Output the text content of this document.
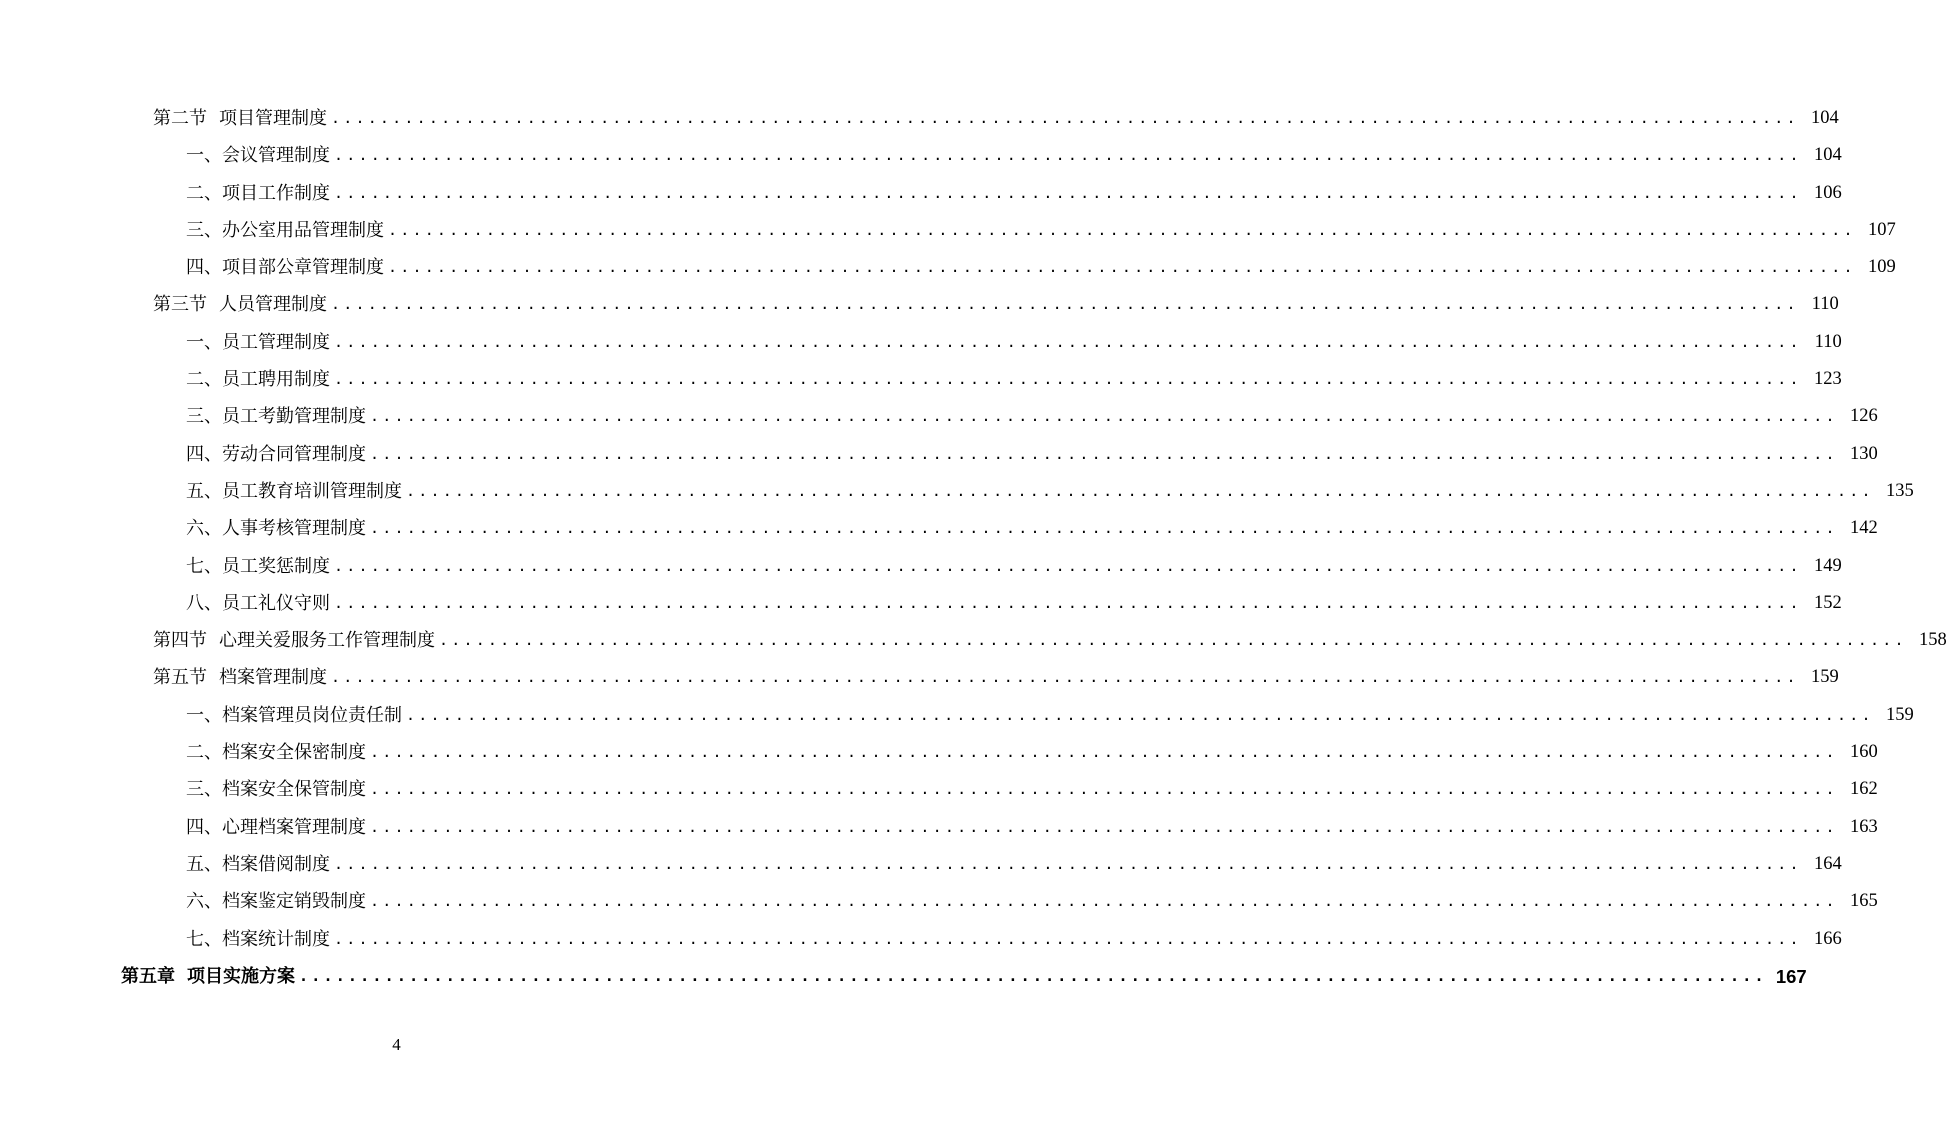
第二节 项目管理制度 ........................................................................................................................ 104
一、会议管理制度 ........................................................................................................................ 104
二、项目工作制度 ........................................................................................................................ 106
三、办公室用品管理制度 ........................................................................................................................ 107
四、项目部公章管理制度 ........................................................................................................................ 109
第三节 人员管理制度 ........................................................................................................................ 110
一、员工管理制度 ........................................................................................................................ 110
二、员工聘用制度 ........................................................................................................................ 123
三、员工考勤管理制度 ........................................................................................................................ 126
四、劳动合同管理制度 ........................................................................................................................ 130
五、员工教育培训管理制度 ........................................................................................................................ 135
六、人事考核管理制度 ........................................................................................................................ 142
七、员工奖惩制度 ........................................................................................................................ 149
八、员工礼仪守则 ........................................................................................................................ 152
第四节 心理关爱服务工作管理制度 ........................................................................................................................ 158
第五节 档案管理制度 ........................................................................................................................ 159
一、档案管理员岗位责任制 ........................................................................................................................ 159
二、档案安全保密制度 ........................................................................................................................ 160
三、档案安全保管制度 ........................................................................................................................ 162
四、心理档案管理制度 ........................................................................................................................ 163
五、档案借阅制度 ........................................................................................................................ 164
六、档案鉴定销毁制度 ........................................................................................................................ 165
七、档案统计制度 ........................................................................................................................ 166
第五章 项目实施方案 ........................................................................................................................ 167
4
